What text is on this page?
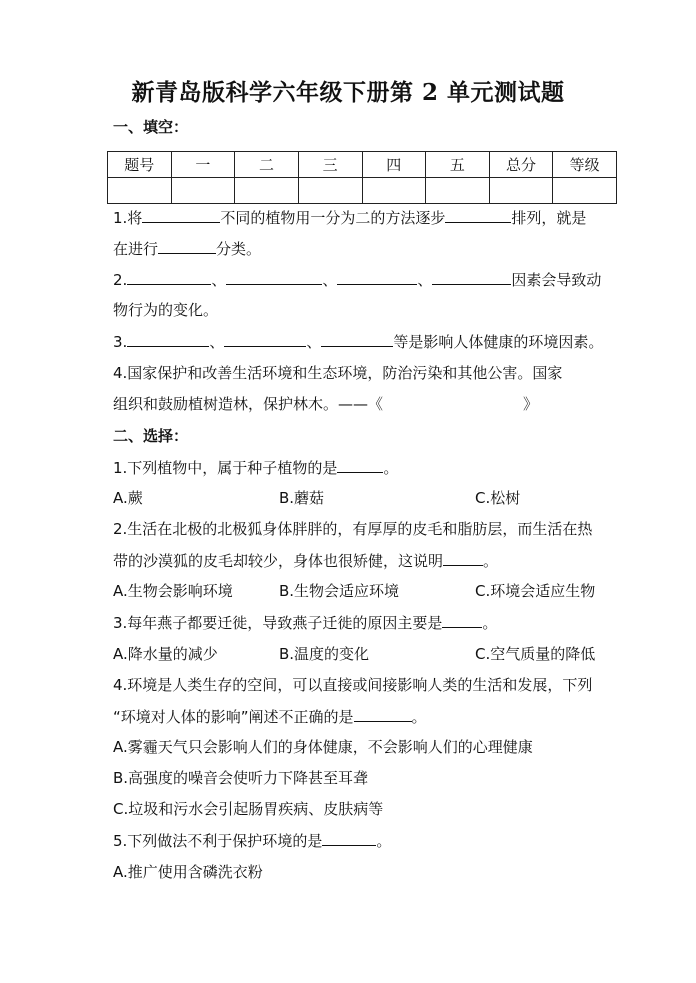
新青岛版科学六年级下册第 2 单元测试题
一、填空：
题号	一	二	三	四	五	总分	等级

1.将	不同的植物用一分为二的方法逐步	排列，就是
在进行	分类。
2.	、	、	、	因素会导致动
物行为的变化。
3.	、	、	等是影响人体健康的环境因素。
4.国家保护和改善生活环境和生态环境，防治污染和其他公害。国家
组织和鼓励植树造林，保护林木。——《	》
二、选择：
1.下列植物中，属于种子植物的是	。
A.蕨	B.蘑菇	C.松树
2.生活在北极的北极狐身体胖胖的，有厚厚的皮毛和脂肪层，而生活在热
带的沙漠狐的皮毛却较少，身体也很矫健，这说明	。
A.生物会影响环境	B.生物会适应环境	C.环境会适应生物
3.每年燕子都要迁徙，导致燕子迁徙的原因主要是	。
A.降水量的减少	B.温度的变化	C.空气质量的降低
4.环境是人类生存的空间，可以直接或间接影响人类的生活和发展，下列
“环境对人体的影响”阐述不正确的是	。
A.雾霾天气只会影响人们的身体健康，不会影响人们的心理健康
B.高强度的噪音会使听力下降甚至耳聋
C.垃圾和污水会引起肠胃疾病、皮肤病等
5.下列做法不利于保护环境的是	。
A.推广使用含磷洗衣粉
